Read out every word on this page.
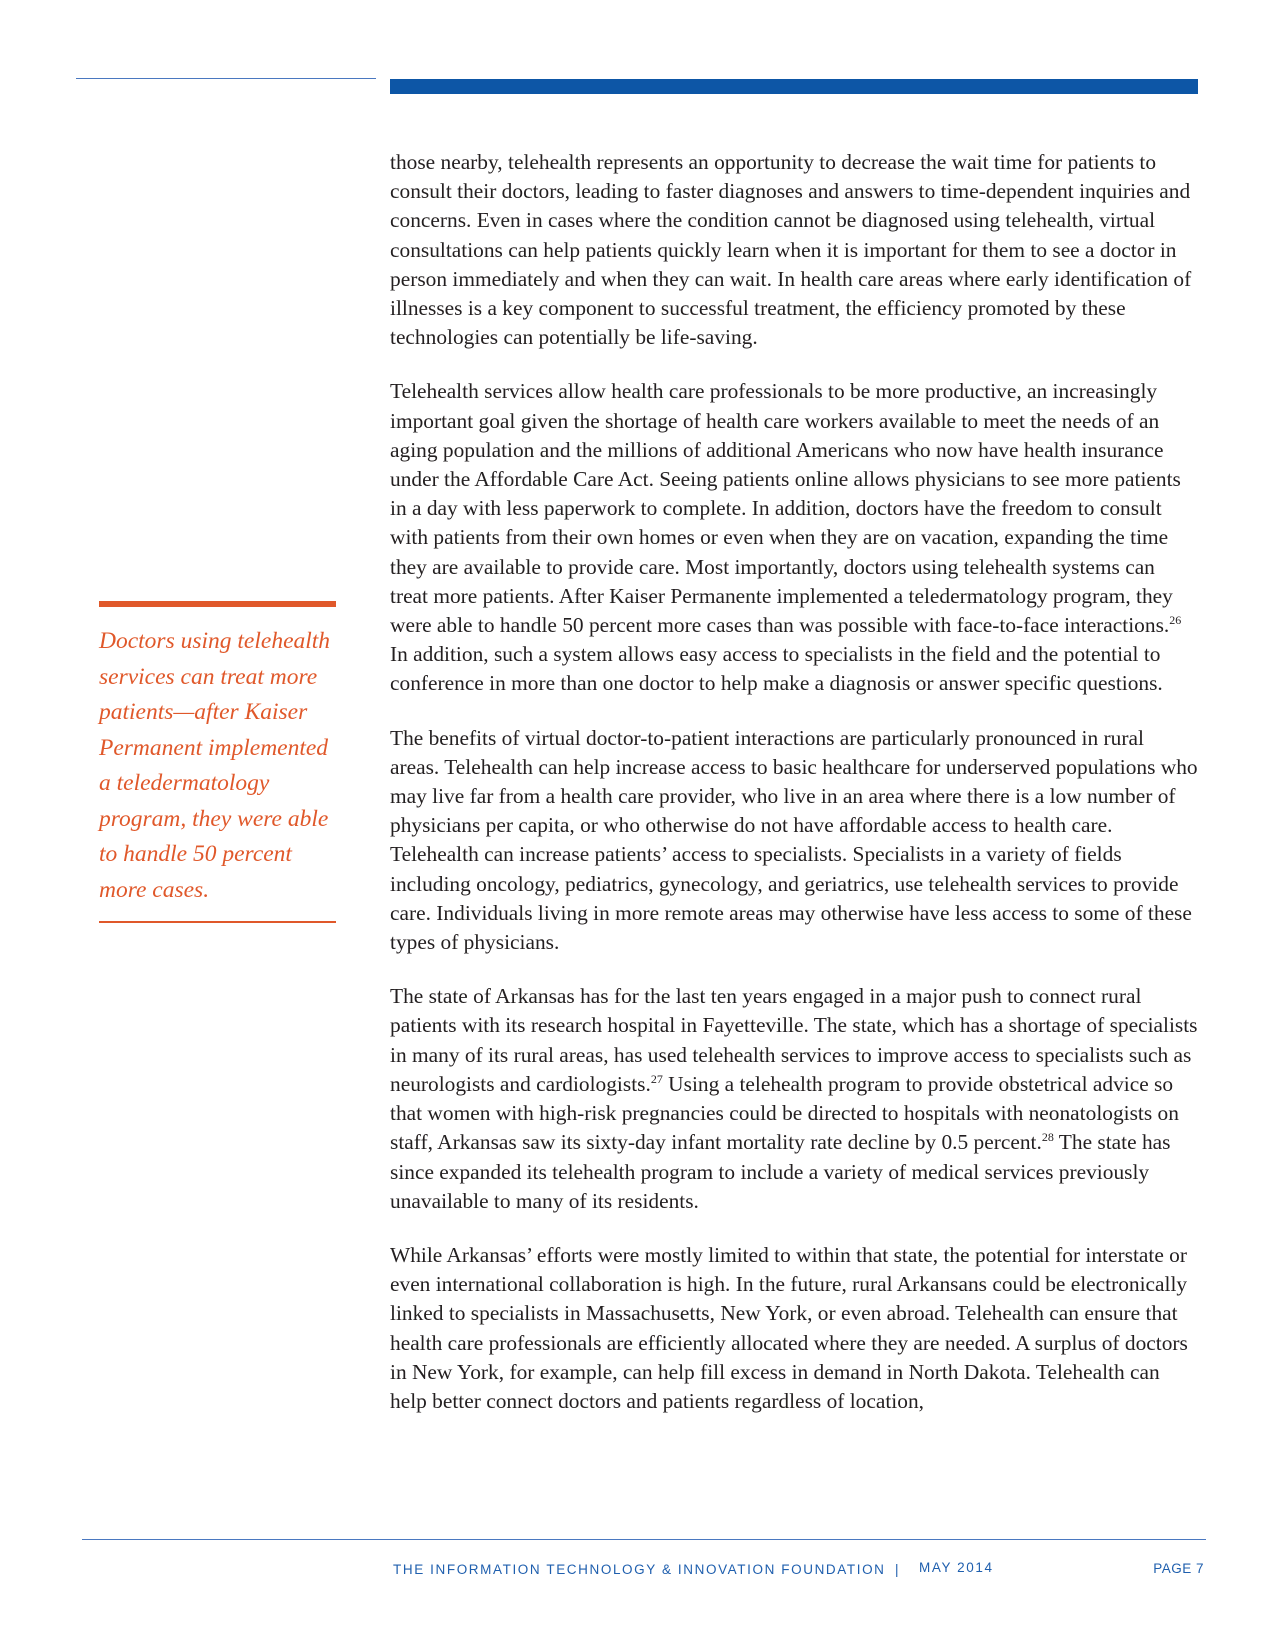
Doctors using telehealth services can treat more patients—after Kaiser Permanent implemented a teledermatology program, they were able to handle 50 percent more cases.

those nearby, telehealth represents an opportunity to decrease the wait time for patients to consult their doctors, leading to faster diagnoses and answers to time-dependent inquiries and concerns. Even in cases where the condition cannot be diagnosed using telehealth, virtual consultations can help patients quickly learn when it is important for them to see a doctor in person immediately and when they can wait. In health care areas where early identification of illnesses is a key component to successful treatment, the efficiency promoted by these technologies can potentially be life-saving.

Telehealth services allow health care professionals to be more productive, an increasingly important goal given the shortage of health care workers available to meet the needs of an aging population and the millions of additional Americans who now have health insurance under the Affordable Care Act. Seeing patients online allows physicians to see more patients in a day with less paperwork to complete. In addition, doctors have the freedom to consult with patients from their own homes or even when they are on vacation, expanding the time they are available to provide care. Most importantly, doctors using telehealth systems can treat more patients. After Kaiser Permanente implemented a teledermatology program, they were able to handle 50 percent more cases than was possible with face-to-face interactions.$^{26}$ In addition, such a system allows easy access to specialists in the field and the potential to conference in more than one doctor to help make a diagnosis or answer specific questions.

The benefits of virtual doctor-to-patient interactions are particularly pronounced in rural areas. Telehealth can help increase access to basic healthcare for underserved populations who may live far from a health care provider, who live in an area where there is a low number of physicians per capita, or who otherwise do not have affordable access to health care. Telehealth can increase patients’ access to specialists. Specialists in a variety of fields including oncology, pediatrics, gynecology, and geriatrics, use telehealth services to provide care. Individuals living in more remote areas may otherwise have less access to some of these types of physicians.

The state of Arkansas has for the last ten years engaged in a major push to connect rural patients with its research hospital in Fayetteville. The state, which has a shortage of specialists in many of its rural areas, has used telehealth services to improve access to specialists such as neurologists and cardiologists.$^{27}$ Using a telehealth program to provide obstetrical advice so that women with high-risk pregnancies could be directed to hospitals with neonatologists on staff, Arkansas saw its sixty-day infant mortality rate decline by 0.5 percent.$^{28}$ The state has since expanded its telehealth program to include a variety of medical services previously unavailable to many of its residents.

While Arkansas’ efforts were mostly limited to within that state, the potential for interstate or even international collaboration is high. In the future, rural Arkansans could be electronically linked to specialists in Massachusetts, New York, or even abroad. Telehealth can ensure that health care professionals are efficiently allocated where they are needed. A surplus of doctors in New York, for example, can help fill excess in demand in North Dakota. Telehealth can help better connect doctors and patients regardless of location,

THE INFORMATION TECHNOLOGY & INNOVATION FOUNDATION | MAY 2014	PAGE 7
